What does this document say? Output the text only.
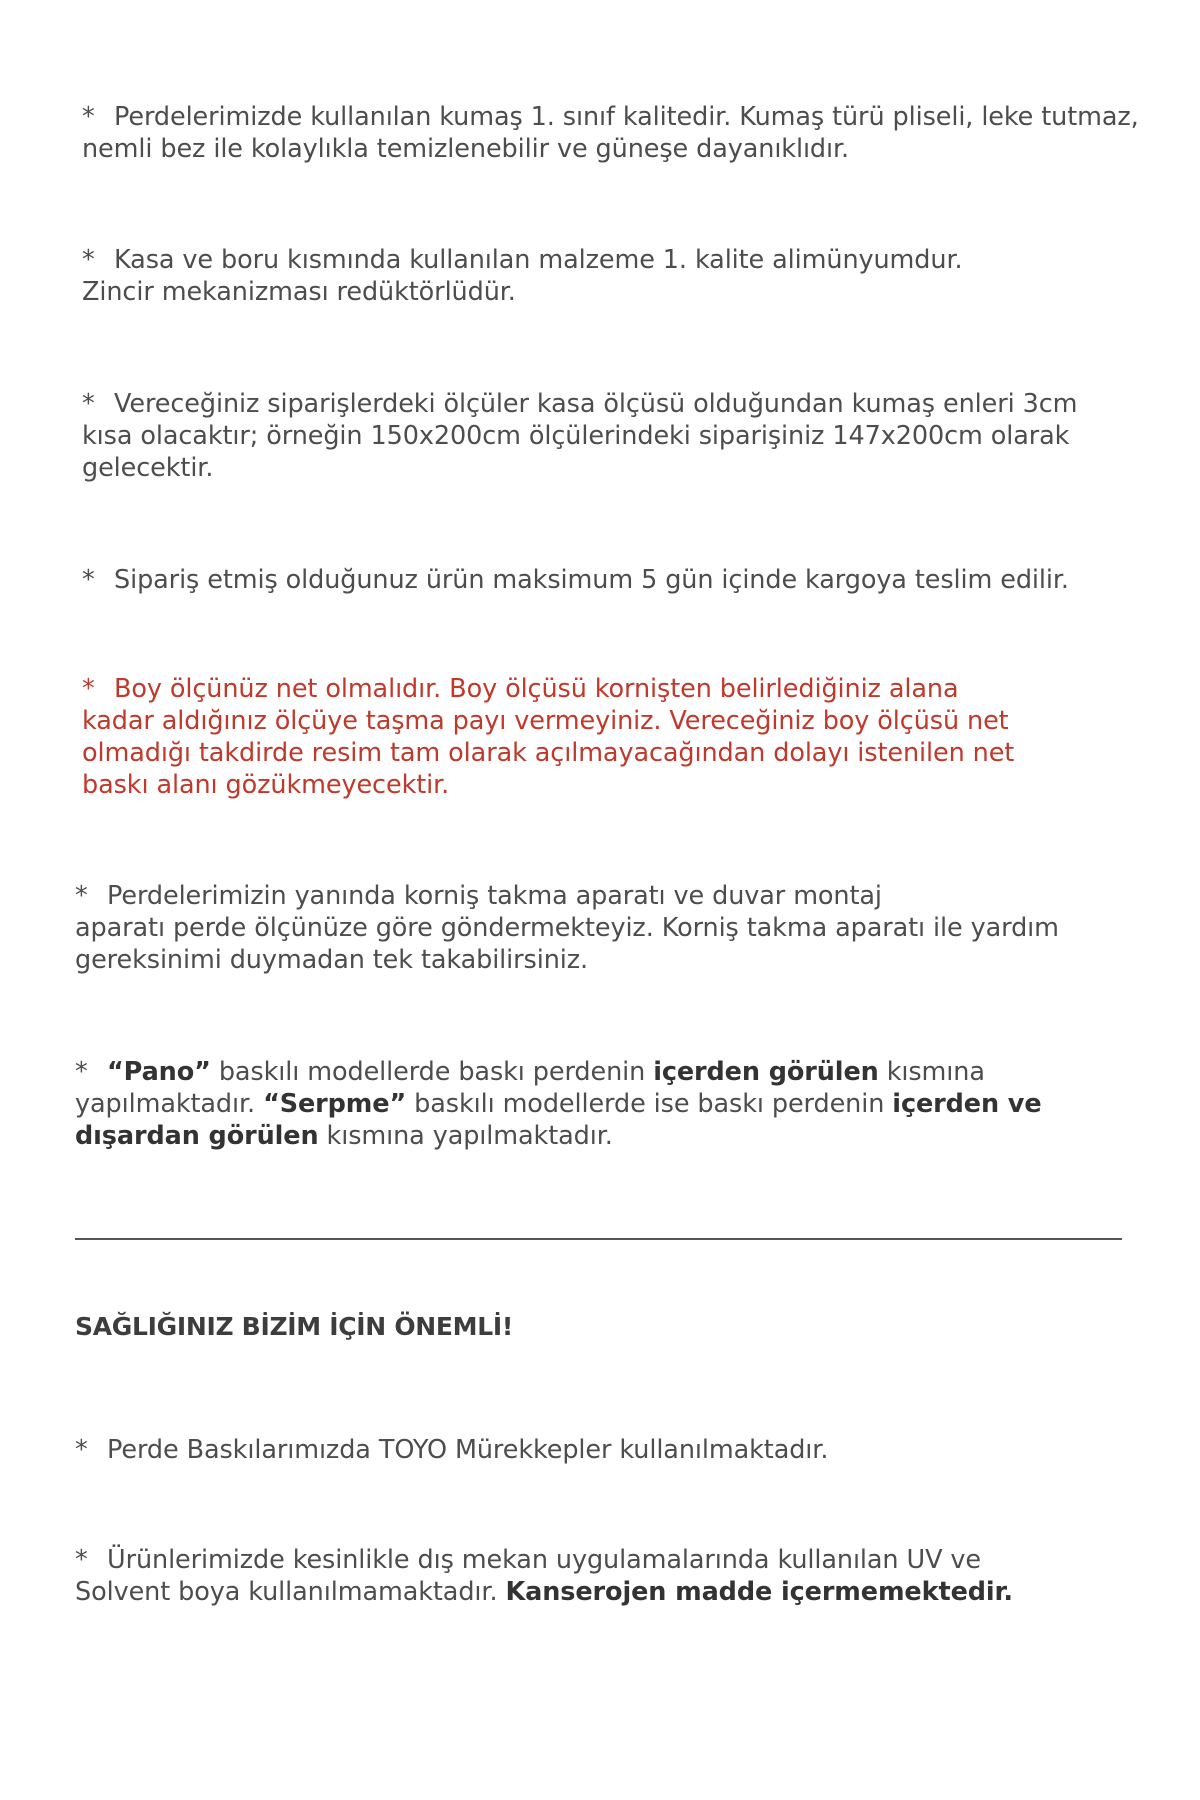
* Perdelerimizde kullanılan kumaş 1. sınıf kalitedir. Kumaş türü pliseli, leke tutmaz,
nemli bez ile kolaylıkla temizlenebilir ve güneşe dayanıklıdır.
* Kasa ve boru kısmında kullanılan malzeme 1. kalite alimünyumdur.
Zincir mekanizması redüktörlüdür.
* Vereceğiniz siparişlerdeki ölçüler kasa ölçüsü olduğundan kumaş enleri 3cm
kısa olacaktır; örneğin 150x200cm ölçülerindeki siparişiniz 147x200cm olarak
gelecektir.
* Sipariş etmiş olduğunuz ürün maksimum 5 gün içinde kargoya teslim edilir.
* Boy ölçünüz net olmalıdır. Boy ölçüsü kornişten belirlediğiniz alana
kadar aldığınız ölçüye taşma payı vermeyiniz. Vereceğiniz boy ölçüsü net
olmadığı takdirde resim tam olarak açılmayacağından dolayı istenilen net
baskı alanı gözükmeyecektir.
* Perdelerimizin yanında korniş takma aparatı ve duvar montaj
aparatı perde ölçünüze göre göndermekteyiz. Korniş takma aparatı ile yardım
gereksinimi duymadan tek takabilirsiniz.
* “Pano” baskılı modellerde baskı perdenin içerden görülen kısmına
yapılmaktadır. “Serpme” baskılı modellerde ise baskı perdenin içerden ve
dışardan görülen kısmına yapılmaktadır.
SAĞLIĞINIZ BİZİM İÇİN ÖNEMLİ!
* Perde Baskılarımızda TOYO Mürekkepler kullanılmaktadır.
* Ürünlerimizde kesinlikle dış mekan uygulamalarında kullanılan UV ve
Solvent boya kullanılmamaktadır. Kanserojen madde içermemektedir.
